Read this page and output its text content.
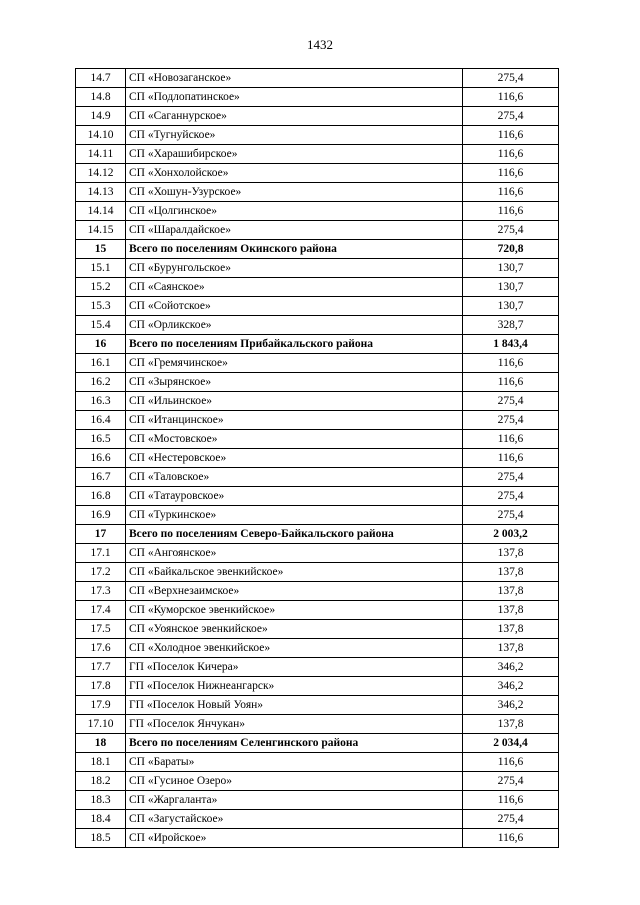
1432
14.7	СП «Новозаганское»	275,4
14.8	СП «Подлопатинское»	116,6
14.9	СП «Саганнурское»	275,4
14.10	СП «Тугнуйское»	116,6
14.11	СП «Харашибирское»	116,6
14.12	СП «Хонхолойское»	116,6
14.13	СП «Хошун-Узурское»	116,6
14.14	СП «Цолгинское»	116,6
14.15	СП «Шаралдайское»	275,4
15	Всего по поселениям Окинского района	720,8
15.1	СП «Бурунгольское»	130,7
15.2	СП «Саянское»	130,7
15.3	СП «Сойотское»	130,7
15.4	СП «Орликское»	328,7
16	Всего по поселениям Прибайкальского района	1 843,4
16.1	СП «Гремячинское»	116,6
16.2	СП «Зырянское»	116,6
16.3	СП «Ильинское»	275,4
16.4	СП «Итанцинское»	275,4
16.5	СП «Мостовское»	116,6
16.6	СП «Нестеровское»	116,6
16.7	СП «Таловское»	275,4
16.8	СП «Татауровское»	275,4
16.9	СП «Туркинское»	275,4
17	Всего по поселениям Северо-Байкальского района	2 003,2
17.1	СП «Ангоянское»	137,8
17.2	СП «Байкальское эвенкийское»	137,8
17.3	СП «Верхнезаимское»	137,8
17.4	СП «Куморское эвенкийское»	137,8
17.5	СП «Уоянское эвенкийское»	137,8
17.6	СП «Холодное эвенкийское»	137,8
17.7	ГП «Поселок Кичера»	346,2
17.8	ГП «Поселок Нижнеангарск»	346,2
17.9	ГП «Поселок Новый Уоян»	346,2
17.10	ГП «Поселок Янчукан»	137,8
18	Всего по поселениям Селенгинского района	2 034,4
18.1	СП «Бараты»	116,6
18.2	СП «Гусиное Озеро»	275,4
18.3	СП «Жаргаланта»	116,6
18.4	СП «Загустайское»	275,4
18.5	СП «Иройское»	116,6
